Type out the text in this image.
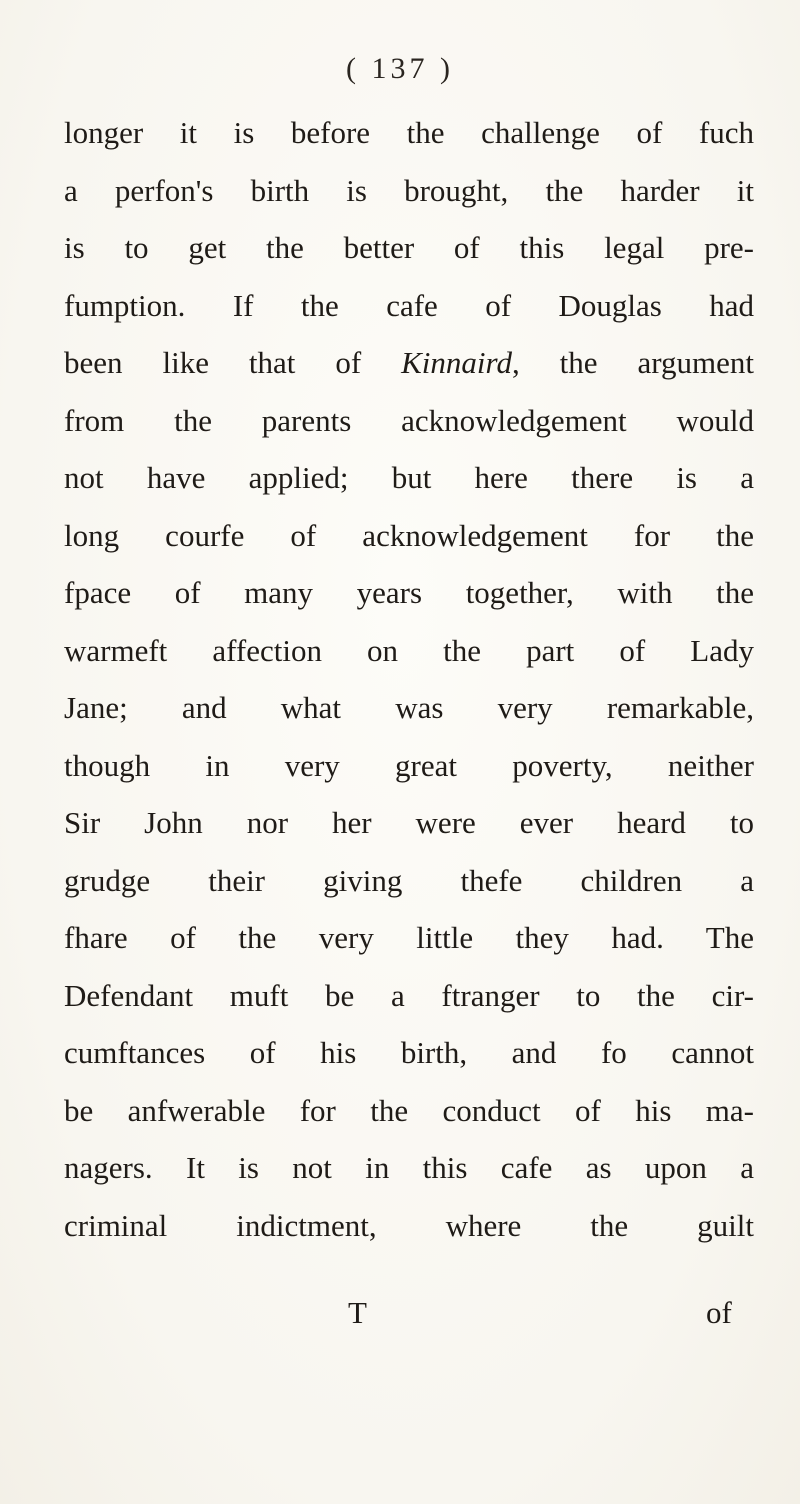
( 137 )
longer it is before the challenge of fuch
a perfon's birth is brought, the harder it
is to get the better of this legal pre-
fumption. If the cafe of Douglas had
been like that of Kinnaird, the argument
from the parents acknowledgement would
not have applied; but here there is a
long courfe of acknowledgement for the
fpace of many years together, with the
warmeft affection on the part of Lady
Jane; and what was very remarkable,
though in very great poverty, neither
Sir John nor her were ever heard to
grudge their giving thefe children a
fhare of the very little they had. The
Defendant muft be a ftranger to the cir-
cumftances of his birth, and fo cannot
be anfwerable for the conduct of his ma-
nagers. It is not in this cafe as upon a
criminal indictment, where the guilt
T	of
